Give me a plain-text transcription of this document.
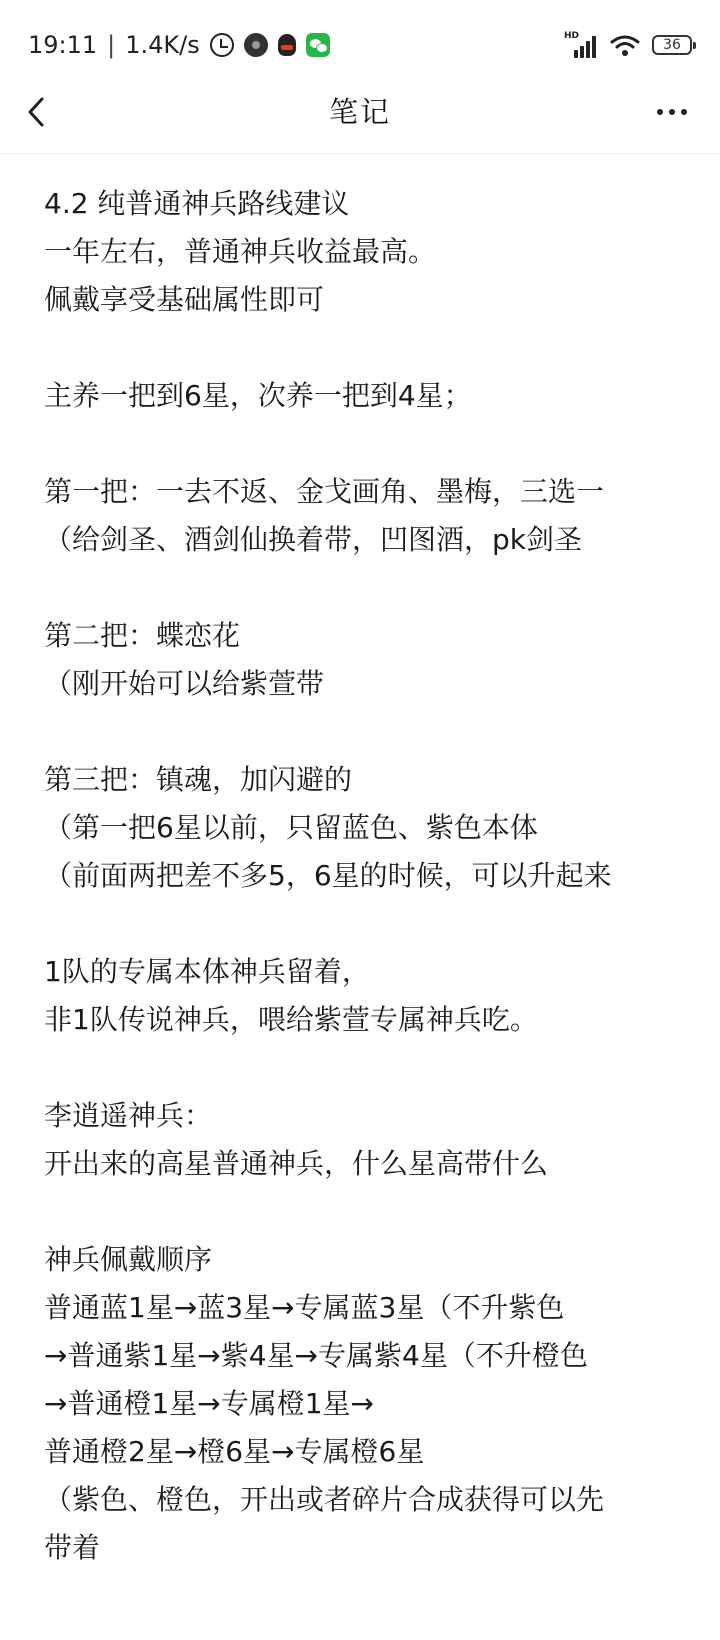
19:11 | 1.4K/s	HD
36
笔记
4.2 纯普通神兵路线建议
一年左右，普通神兵收益最高。
佩戴享受基础属性即可
主养一把到6星，次养一把到4星；
第一把：一去不返、金戈画角、墨梅，三选一
（给剑圣、酒剑仙换着带，凹图酒，pk剑圣
第二把：蝶恋花
（刚开始可以给紫萱带
第三把：镇魂，加闪避的
（第一把6星以前，只留蓝色、紫色本体
（前面两把差不多5，6星的时候，可以升起来
1队的专属本体神兵留着，
非1队传说神兵，喂给紫萱专属神兵吃。
李逍遥神兵：
开出来的高星普通神兵，什么星高带什么
神兵佩戴顺序
普通蓝1星→蓝3星→专属蓝3星（不升紫色
→普通紫1星→紫4星→专属紫4星（不升橙色
→普通橙1星→专属橙1星→
普通橙2星→橙6星→专属橙6星
（紫色、橙色，开出或者碎片合成获得可以先
带着
